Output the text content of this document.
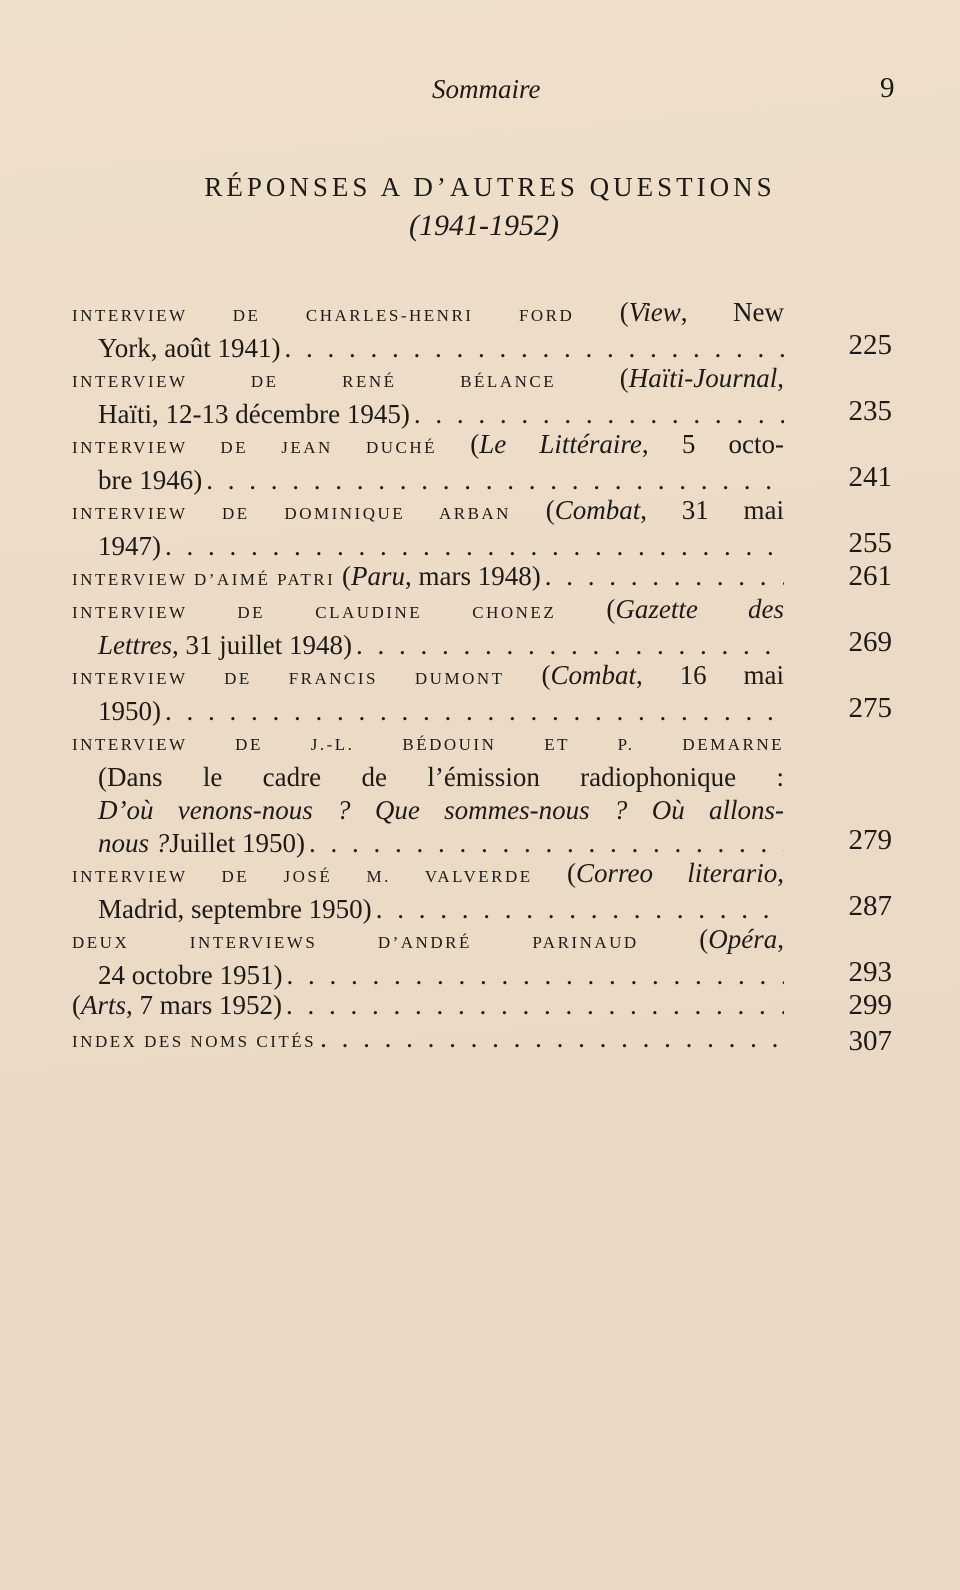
Sommaire	9
RÉPONSES A D’AUTRES QUESTIONS
(1941-1952)
INTERVIEW DE CHARLES-HENRI FORD (View, New
York, août 1941) . . .	225
INTERVIEW DE RENÉ BÉLANCE (Haïti-Journal,
Haïti, 12-13 décembre 1945) . . .	235
INTERVIEW DE JEAN DUCHÉ (Le Littéraire, 5 octo-
bre 1946) . . .	241
INTERVIEW DE DOMINIQUE ARBAN (Combat, 31 mai
1947) . . .	255
INTERVIEW D’AIMÉ PATRI
( Paru , mars 1948) . . .	261
INTERVIEW DE CLAUDINE CHONEZ (Gazette des
Lettres , 31 juillet 1948) . . .	269
INTERVIEW DE FRANCIS DUMONT (Combat, 16 mai
1950) . . .	275
INTERVIEW DE J.-L. BÉDOUIN ET P. DEMARNE
(Dans le cadre de l’émission radiophonique :
D’où venons-nous ? Que sommes-nous ? Où allons-
nous ? Juillet 1950) . . .	279
INTERVIEW DE JOSÉ M. VALVERDE (Correo literario,
Madrid, septembre 1950) . . .	287
DEUX INTERVIEWS D’ANDRÉ PARINAUD (Opéra,
24 octobre 1951) . . .	293
( Arts , 7 mars 1952) . . .	299
INDEX DES NOMS CITÉS . . .	307
